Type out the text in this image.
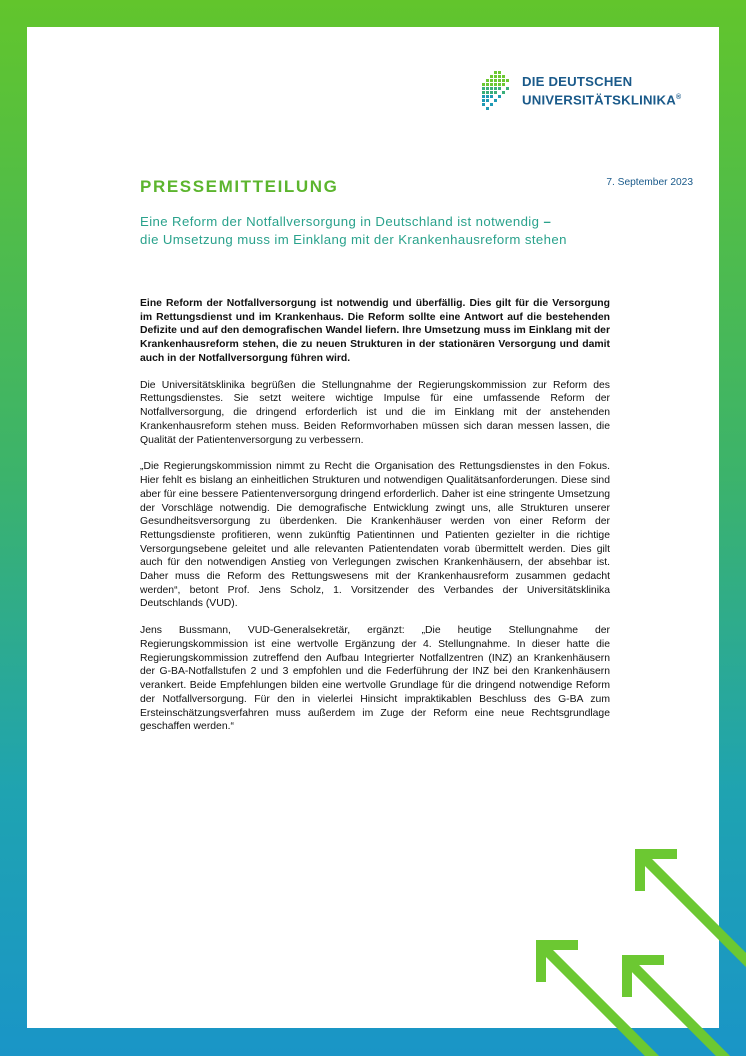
DIE DEUTSCHEN
UNIVERSITÄTSKLINIKA®
7. September 2023
PRESSEMITTEILUNG
Eine Reform der Notfallversorgung in Deutschland ist notwendig –
die Umsetzung muss im Einklang mit der Krankenhausreform stehen

Eine Reform der Notfallversorgung ist notwendig und überfällig. Dies gilt für die Versorgung im Rettungsdienst und im Krankenhaus. Die Reform sollte eine Antwort auf die bestehenden Defizite und auf den demografischen Wandel liefern. Ihre Umsetzung muss im Einklang mit der Krankenhausreform stehen, die zu neuen Strukturen in der stationären Versorgung und damit auch in der Notfallversorgung führen wird.

Die Universitätsklinika begrüßen die Stellungnahme der Regierungskommission zur Reform des Rettungsdienstes. Sie setzt weitere wichtige Impulse für eine umfassende Reform der Notfallversorgung, die dringend erforderlich ist und die im Einklang mit der anstehenden Krankenhausreform stehen muss. Beiden Reformvorhaben müssen sich daran messen lassen, die Qualität der Patientenversorgung zu verbessern.

„Die Regierungskommission nimmt zu Recht die Organisation des Rettungsdienstes in den Fokus. Hier fehlt es bislang an einheitlichen Strukturen und notwendigen Qualitätsanforderungen. Diese sind aber für eine bessere Patientenversorgung dringend erforderlich. Daher ist eine stringente Umsetzung der Vorschläge notwendig. Die demografische Entwicklung zwingt uns, alle Strukturen unserer Gesundheitsversorgung zu überdenken. Die Krankenhäuser werden von einer Reform der Rettungsdienste profitieren, wenn zukünftig Patientinnen und Patienten gezielter in die richtige Versorgungsebene geleitet und alle relevanten Patientendaten vorab übermittelt werden. Dies gilt auch für den notwendigen Anstieg von Verlegungen zwischen Krankenhäusern, der absehbar ist. Daher muss die Reform des Rettungswesens mit der Krankenhausreform zusammen gedacht werden“, betont Prof. Jens Scholz, 1. Vorsitzender des Verbandes der Universitätsklinika Deutschlands (VUD).

Jens Bussmann, VUD-Generalsekretär, ergänzt: „Die heutige Stellungnahme der Regierungskommission ist eine wertvolle Ergänzung der 4. Stellungnahme. In dieser hatte die Regierungskommission zutreffend den Aufbau Integrierter Notfallzentren (INZ) an Krankenhäusern der G-BA-Notfallstufen 2 und 3 empfohlen und die Federführung der INZ bei den Krankenhäusern verankert. Beide Empfehlungen bilden eine wertvolle Grundlage für die dringend notwendige Reform der Notfallversorgung. Für den in vielerlei Hinsicht impraktikablen Beschluss des G-BA zum Ersteinschätzungsverfahren muss außerdem im Zuge der Reform eine neue Rechtsgrundlage geschaffen werden.“
